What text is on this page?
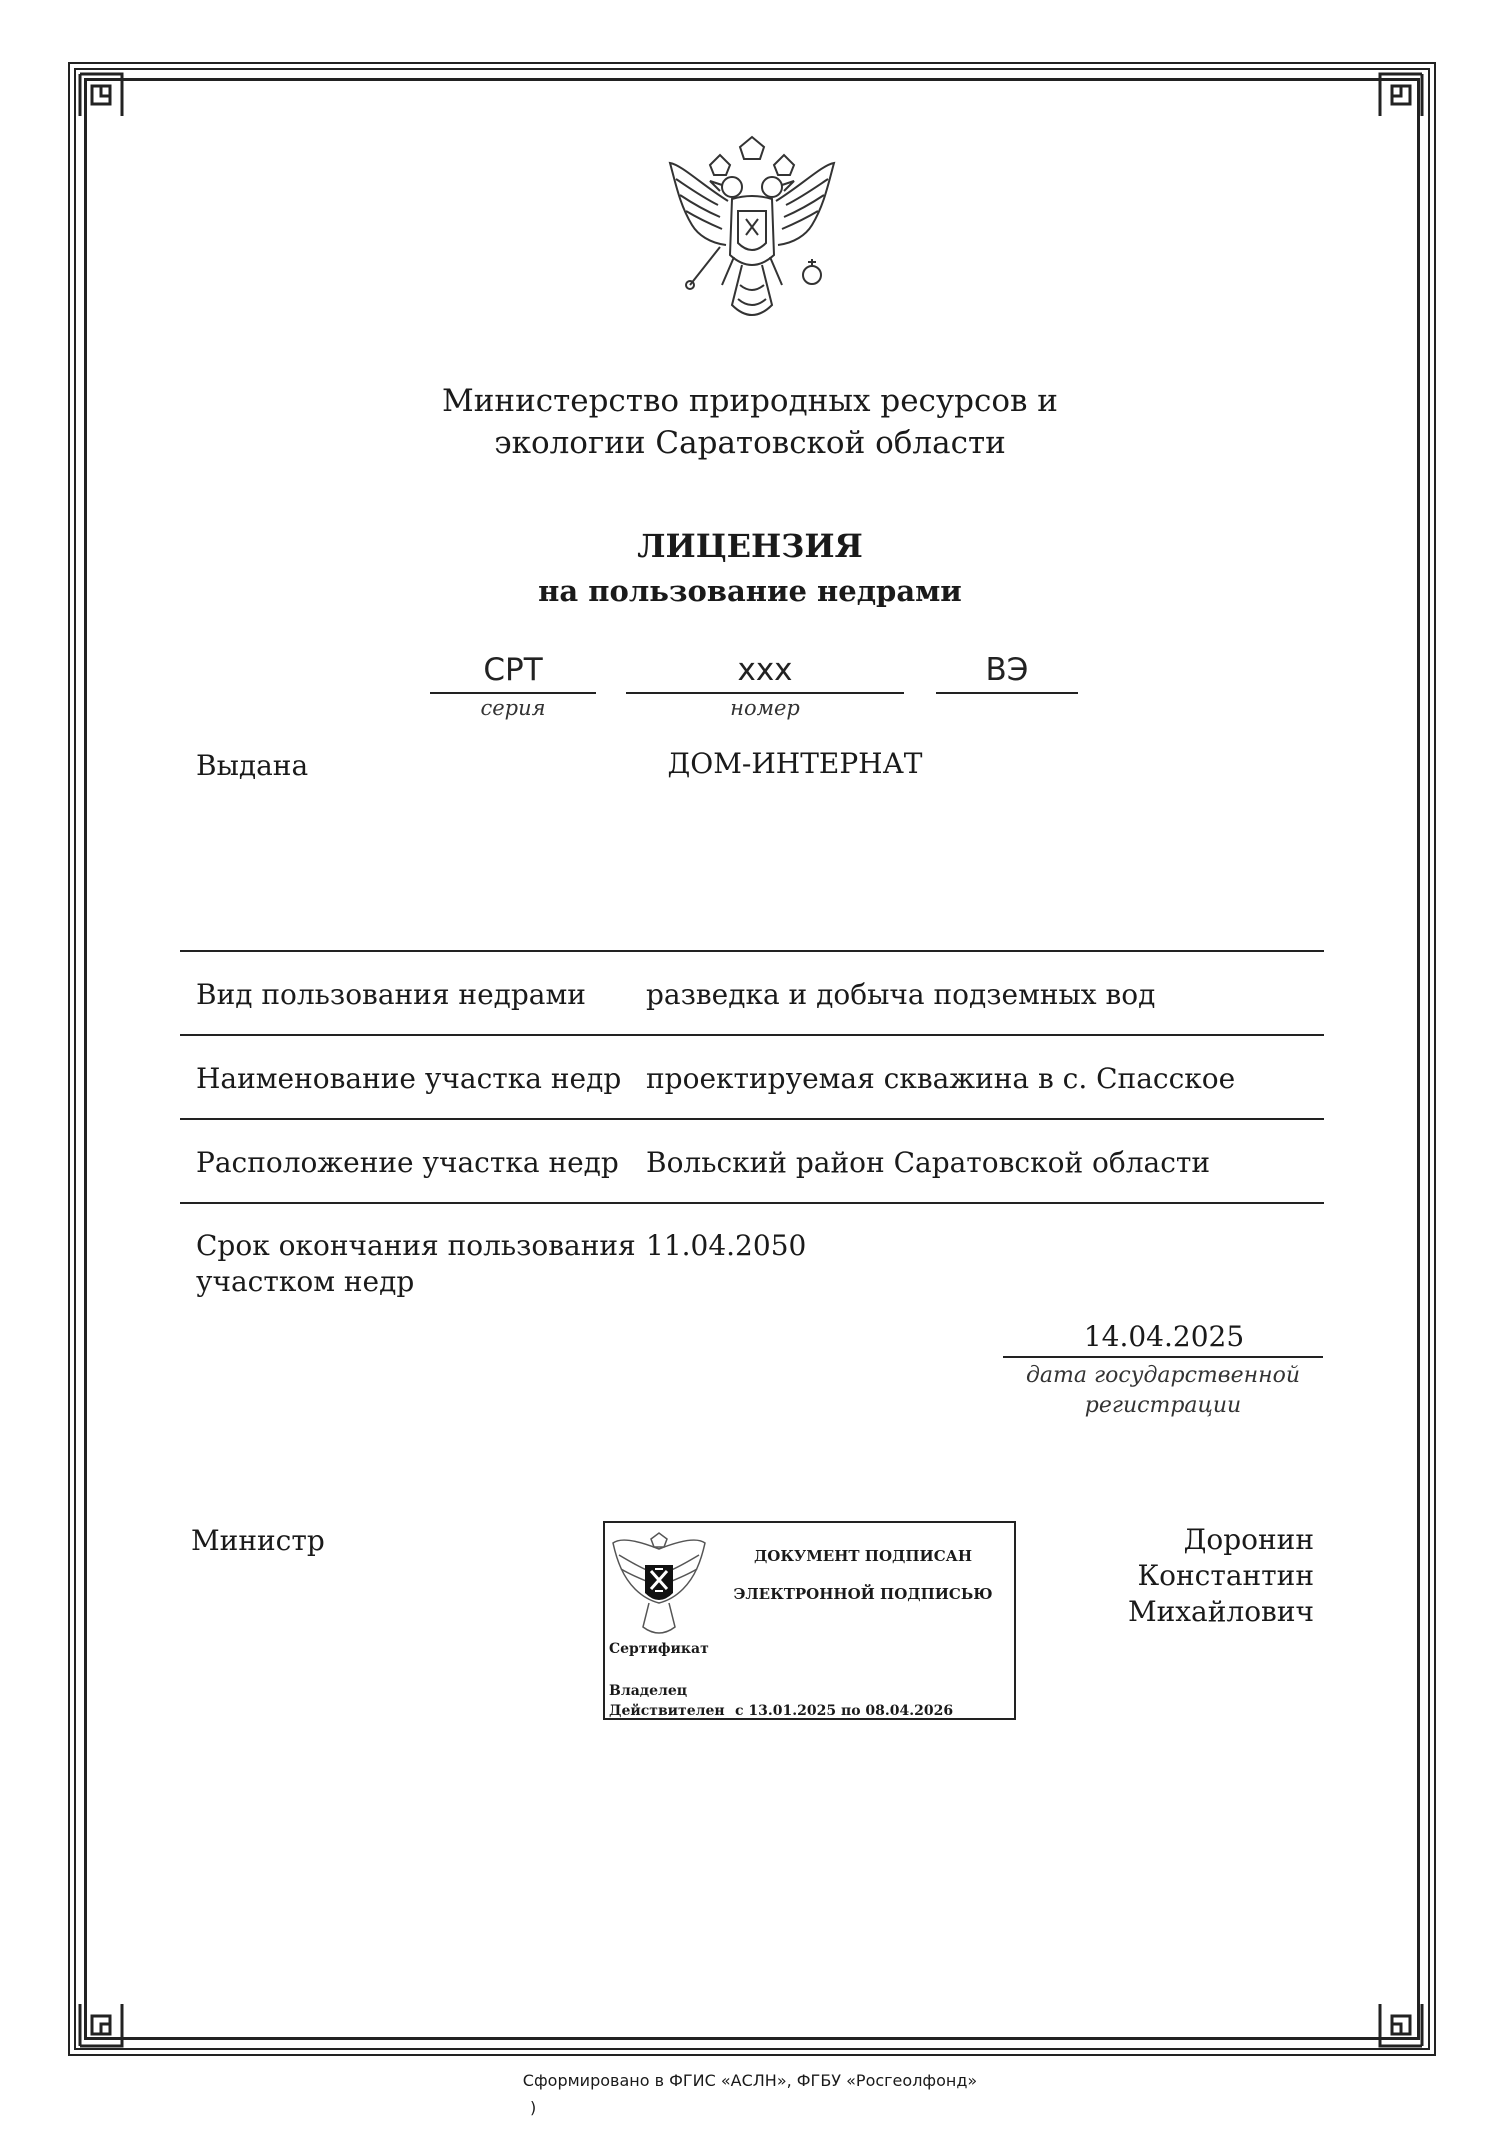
Министерство природных ресурсов и
экологии Саратовской области
ЛИЦЕНЗИЯ
на пользование недрами
СРТ
серия
ххх
номер
ВЭ
Выдана	ДОМ-ИНТЕРНАТ
Вид пользования недрами разведка и добыча подземных вод
Наименование участка недр проектируемая скважина в с. Спасское
Расположение участка недр Вольский район Саратовской области
Срок окончания пользования
участком недр
11.04.2050
14.04.2025
дата государственной
регистрации
Министр	Доронин
Константин
Михайлович
ДОКУМЕНТ ПОДПИСАН
ЭЛЕКТРОННОЙ ПОДПИСЬЮ
Сертификат
Владелец
Действителен с 13.01.2025 по 08.04.2026
Сформировано в ФГИС «АСЛН», ФГБУ «Росгеолфонд»
)
